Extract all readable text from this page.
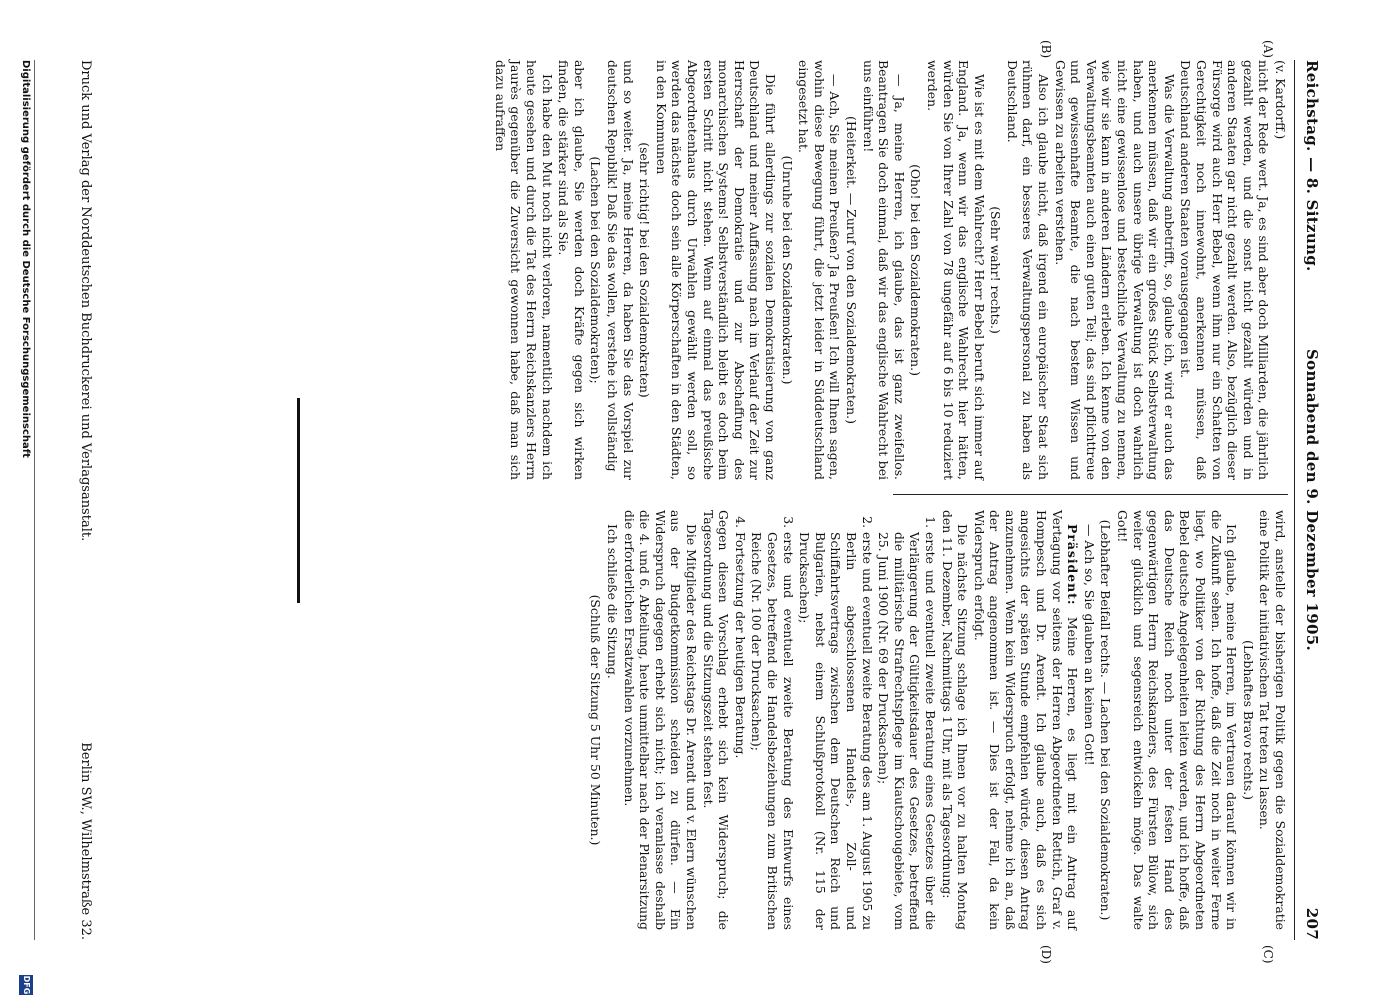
Reichstag. — 8. Sitzung.
Sonnabend den 9. Dezember 1905.
207
(A)
(B)
(C)
(D)

(v. Kardorff.)

nicht der Rede wert. Ja, es sind aber doch Milliarden, die jährlich gezahlt werden, und die sonst nicht gezahlt würden und in anderen Staaten gar nicht gezahlt werden. Also, bezüglich dieser Fürsorge wird auch Herr Bebel, wenn ihm nur ein Schatten von Gerechtigkeit noch innewohnt, anerkennen müssen, daß Deutschland anderen Staaten vorausgegangen ist.

Was die Verwaltung anbetrifft, so, glaube ich, wird er auch das anerkennen müssen, daß wir ein großes Stück Selbstverwaltung haben, und auch unsere übrige Verwaltung ist doch wahrlich nicht eine gewissenlose und bestechliche Verwaltung zu nennen, wie wir sie kann in anderen Ländern erleben. Ich kenne von den Verwaltungsbeamten auch einen guten Teil; das sind pflichttreue und gewissenhafte Beamte, die nach bestem Wissen und Gewissen zu arbeiten verstehen.

Also ich glaube nicht, daß irgend ein europäischer Staat sich rühmen darf, ein besseres Verwaltungspersonal zu haben als Deutschland.

(Sehr wahr! rechts.)

Wie ist es mit dem Wahlrecht? Herr Bebel beruft sich immer auf England. Ja, wenn wir das englische Wahlrecht hier hätten, würden Sie von Ihrer Zahl von 78 ungefähr auf 6 bis 10 reduziert werden.

(Oho! bei den Sozialdemokraten.)

— Ja, meine Herren, ich glaube, das ist ganz zweifellos. Beantragen Sie doch einmal, daß wir das englische Wahlrecht bei uns einführen!

(Heiterkeit. — Zuruf von den Sozialdemokraten.)

— Ach, Sie meinen Preußen? Ja Preußen! Ich will Ihnen sagen, wohin diese Bewegung führt, die jetzt leider in Süddeutschland eingesetzt hat.

(Unruhe bei den Sozialdemokraten.)

Die führt allerdings zur sozialen Demokratisierung von ganz Deutschland und meiner Auffassung nach im Verlauf der Zeit zur Herrschaft der Demokratie und zur Abschaffung des monarchischen Systems! Selbstverständlich bleibt es doch beim ersten Schritt nicht stehen. Wenn auf einmal das preußische Abgeordnetenhaus durch Urwahlen gewählt werden soll, so werden das nächste doch sein alle Körperschaften in den Städten, in den Kommunen

(sehr richtig! bei den Sozialdemokraten)

und so weiter. Ja, meine Herren, da haben Sie das Vorspiel zur deutschen Republik! Daß Sie das wollen, verstehe ich vollständig

(Lachen bei den Sozialdemokraten);

aber ich glaube, Sie werden doch Kräfte gegen sich wirken finden, die stärker sind als Sie.

Ich habe den Mut noch nicht verloren, namentlich nachdem ich heute gesehen und durch die Tat des Herrn Reichskanzlers Herrn Jaurès gegenüber die Zuversicht gewonnen habe, daß man sich dazu aufraffen

wird, anstelle der bisherigen Politik gegen die Sozialdemokratie eine Politik der initiativischen Tat treten zu lassen.

(Lebhaftes Bravo rechts.)

Ich glaube, meine Herren, im Vertrauen darauf können wir in die Zukunft sehen. Ich hoffe, daß die Zeit noch in weiter Ferne liegt, wo Politiker von der Richtung des Herrn Abgeordneten Bebel deutsche Angelegenheiten leiten werden, und ich hoffe, daß das Deutsche Reich noch unter der festen Hand des gegenwärtigen Herrn Reichskanzlers, des Fürsten Bülow, sich weiter glücklich und segensreich entwickeln möge. Das walte Gott!

(Lebhafter Beifall rechts. — Lachen bei den Sozialdemokraten.)

— Ach so, Sie glauben an keinen Gott!

Präsident: Meine Herren, es liegt mit ein Antrag auf Vertagung vor seitens der Herren Abgeordneten Rettich, Graf v. Hompesch und Dr. Arendt. Ich glaube auch, daß es sich angesichts der späten Stunde empfehlen würde, diesen Antrag anzunehmen. Wenn kein Widerspruch erfolgt, nehme ich an, daß der Antrag angenommen ist. — Dies ist der Fall, da kein Widerspruch erfolgt.

Die nächste Sitzung schlage ich Ihnen vor zu halten Montag den 11. Dezember, Nachmittags 1 Uhr, mit als Tagesordnung:

1. erste und eventuell zweite Beratung eines Gesetzes über die Verlängerung der Gültigkeitsdauer des Gesetzes, betreffend die militärische Strafrechtspflege im Kiautschougebiete, vom 25. Juni 1900 (Nr. 69 der Drucksachen);
2. erste und eventuell zweite Beratung des am 1. August 1905 zu Berlin abgeschlossenen Handels-, Zoll- und Schiffahrtsvertrags zwischen dem Deutschen Reich und Bulgarien, nebst einem Schlußprotokoll (Nr. 115 der Drucksachen);
3. erste und eventuell zweite Beratung des Entwurfs eines Gesetzes, betreffend die Handelsbeziehungen zum Britischen Reiche (Nr. 100 der Drucksachen);
4. Fortsetzung der heutigen Beratung.

Gegen diesen Vorschlag erhebt sich kein Widerspruch; die Tagesordnung und die Sitzungszeit stehen fest.

Die Mitglieder des Reichstags Dr. Arendt und v. Elern wünschen aus der Budgetkommission scheiden zu dürfen. — Ein Widerspruch dagegen erhebt sich nicht; ich veranlasse deshalb die 4. und 6. Abteilung, heute unmittelbar nach der Plenarsitzung die erforderlichen Ersatzwahlen vorzunehmen.

Ich schließe die Sitzung.

(Schluß der Sitzung 5 Uhr 50 Minuten.)

Druck und Verlag der Norddeutschen Buchdruckerei und Verlagsanstalt.
Berlin SW., Wilhelmstraße 32.
Digitalisierung gefördert durch die Deutsche Forschungsgemeinschaft
DFG
